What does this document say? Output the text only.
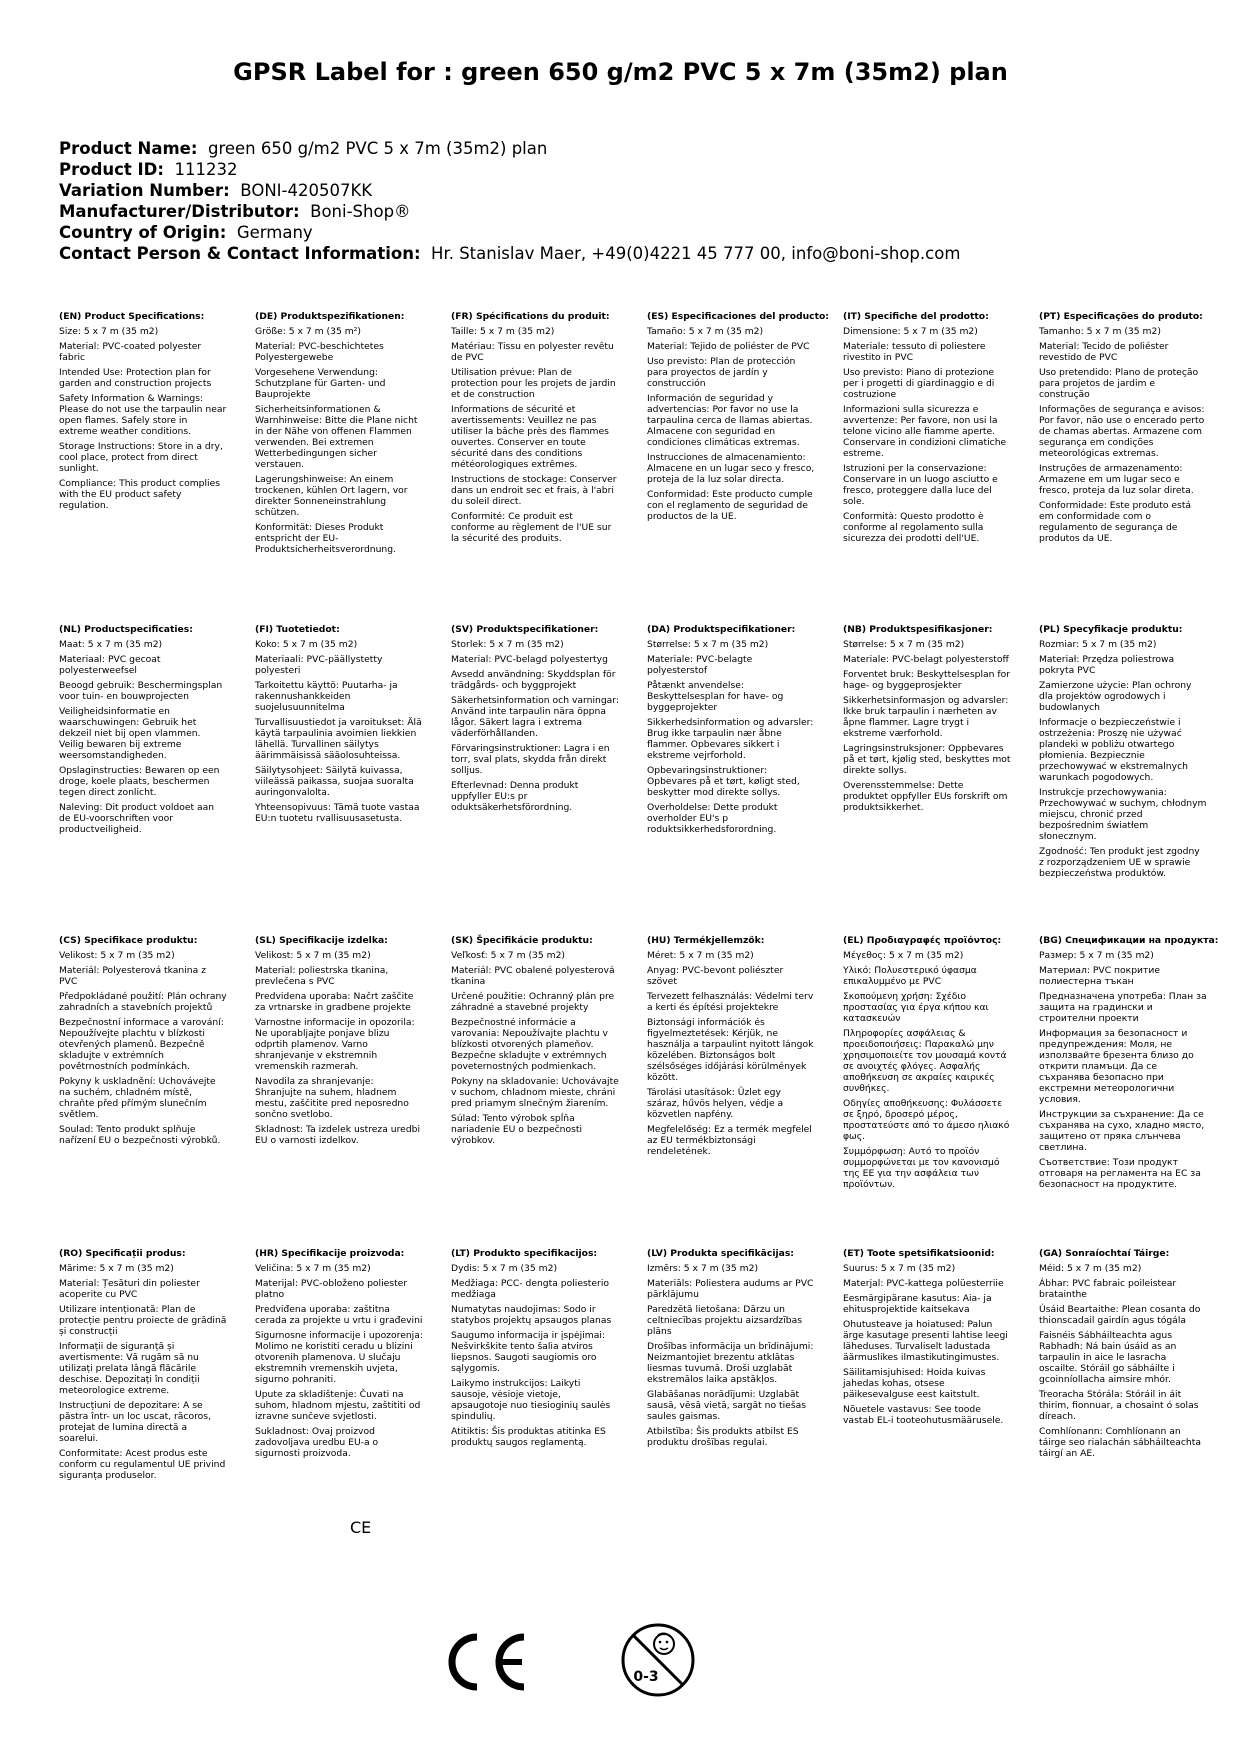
GPSR Label for : green 650 g/m2 PVC 5 x 7m (35m2) plan
Product Name: green 650 g/m2 PVC 5 x 7m (35m2) plan
Product ID: 111232
Variation Number: BONI-420507KK
Manufacturer/Distributor: Boni-Shop®
Country of Origin: Germany
Contact Person & Contact Information: Hr. Stanislav Maer, +49(0)4221 45 777 00, info@boni-shop.com
(EN) Product Specifications:
Size: 5 x 7 m (35 m2)
Material: PVC-coated polyester fabric
Intended Use: Protection plan for garden and construction projects
Safety Information & Warnings: Please do not use the tarpaulin near open flames. Safely store in extreme weather conditions.
Storage Instructions: Store in a dry, cool place, protect from direct sunlight.
Compliance: This product complies with the EU product safety regulation.
(DE) Produktspezifikationen:
Größe: 5 x 7 m (35 m²)
Material: PVC-beschichtetes Polyestergewebe
Vorgesehene Verwendung: Schutzplane für Garten- und Bauprojekte
Sicherheitsinformationen & Warnhinweise: Bitte die Plane nicht in der Nähe von offenen Flammen verwenden. Bei extremen Wetterbedingungen sicher verstauen.
Lagerungshinweise: An einem trockenen, kühlen Ort lagern, vor direkter Sonneneinstrahlung schützen.
Konformität: Dieses Produkt entspricht der EU-Produktsicherheitsverordnung.
(FR) Spécifications du produit:
Taille: 5 x 7 m (35 m2)
Matériau: Tissu en polyester revêtu de PVC
Utilisation prévue: Plan de protection pour les projets de jardin et de construction
Informations de sécurité et avertissements: Veuillez ne pas utiliser la bâche près des flammes ouvertes. Conserver en toute sécurité dans des conditions météorologiques extrêmes.
Instructions de stockage: Conserver dans un endroit sec et frais, à l'abri du soleil direct.
Conformité: Ce produit est conforme au règlement de l'UE sur la sécurité des produits.
(ES) Especificaciones del producto:
Tamaño: 5 x 7 m (35 m2)
Material: Tejido de poliéster de PVC
Uso previsto: Plan de protección para proyectos de jardín y construcción
Información de seguridad y advertencias: Por favor no use la tarpaulina cerca de llamas abiertas. Almacene con seguridad en condiciones climáticas extremas.
Instrucciones de almacenamiento: Almacene en un lugar seco y fresco, proteja de la luz solar directa.
Conformidad: Este producto cumple con el reglamento de seguridad de productos de la UE.
(IT) Specifiche del prodotto:
Dimensione: 5 x 7 m (35 m2)
Materiale: tessuto di poliestere rivestito in PVC
Uso previsto: Piano di protezione per i progetti di giardinaggio e di costruzione
Informazioni sulla sicurezza e avvertenze: Per favore, non usi la telone vicino alle fiamme aperte. Conservare in condizioni climatiche estreme.
Istruzioni per la conservazione: Conservare in un luogo asciutto e fresco, proteggere dalla luce del sole.
Conformità: Questo prodotto è conforme al regolamento sulla sicurezza dei prodotti dell'UE.
(PT) Especificações do produto:
Tamanho: 5 x 7 m (35 m2)
Material: Tecido de poliéster revestido de PVC
Uso pretendido: Plano de proteção para projetos de jardim e construção
Informações de segurança e avisos: Por favor, não use o encerado perto de chamas abertas. Armazene com segurança em condições meteorológicas extremas.
Instruções de armazenamento: Armazene em um lugar seco e fresco, proteja da luz solar direta.
Conformidade: Este produto está em conformidade com o regulamento de segurança de produtos da UE.
(NL) Productspecificaties:
Maat: 5 x 7 m (35 m2)
Materiaal: PVC gecoat polyesterweefsel
Beoogd gebruik: Beschermingsplan voor tuin- en bouwprojecten
Veiligheidsinformatie en waarschuwingen: Gebruik het dekzeil niet bij open vlammen. Veilig bewaren bij extreme weersomstandigheden.
Opslaginstructies: Bewaren op een droge, koele plaats, beschermen tegen direct zonlicht.
Naleving: Dit product voldoet aan de EU-voorschriften voor productveiligheid.
(FI) Tuotetiedot:
Koko: 5 x 7 m (35 m2)
Materiaali: PVC-päällystetty polyesteri
Tarkoitettu käyttö: Puutarha- ja rakennushankkeiden suojelusuunnitelma
Turvallisuustiedot ja varoitukset: Älä käytä tarpaulinia avoimien liekkien lähellä. Turvallinen säilytys äärimmäisissä sääolosuhteissa.
Säilytysohjeet: Säilytä kuivassa, viileässä paikassa, suojaa suoralta auringonvalolta.
Yhteensopivuus: Tämä tuote vastaa EU:n tuotetu rvallisuusasetusta.
(SV) Produktspecifikationer:
Storlek: 5 x 7 m (35 m2)
Material: PVC-belagd polyestertyg
Avsedd användning: Skyddsplan för trädgårds- och byggprojekt
Säkerhetsinformation och varningar: Använd inte tarpaulin nära öppna lågor. Säkert lagra i extrema väderförhållanden.
Förvaringsinstruktioner: Lagra i en torr, sval plats, skydda från direkt solljus.
Efterlevnad: Denna produkt uppfyller EU:s pr oduktsäkerhetsförordning.
(DA) Produktspecifikationer:
Størrelse: 5 x 7 m (35 m2)
Materiale: PVC-belagte polyesterstof
Påtænkt anvendelse: Beskyttelsesplan for have- og byggeprojekter
Sikkerhedsinformation og advarsler: Brug ikke tarpaulin nær åbne flammer. Opbevares sikkert i ekstreme vejrforhold.
Opbevaringsinstruktioner: Opbevares på et tørt, køligt sted, beskytter mod direkte sollys.
Overholdelse: Dette produkt overholder EU's p roduktsikkerhedsforordning.
(NB) Produktspesifikasjoner:
Størrelse: 5 x 7 m (35 m2)
Materiale: PVC-belagt polyesterstoff
Forventet bruk: Beskyttelsesplan for hage- og byggeprosjekter
Sikkerhetsinformasjon og advarsler: Ikke bruk tarpaulin i nærheten av åpne flammer. Lagre trygt i ekstreme værforhold.
Lagringsinstruksjoner: Oppbevares på et tørt, kjølig sted, beskyttes mot direkte sollys.
Overensstemmelse: Dette produktet oppfyller EUs forskrift om produktsikkerhet.
(PL) Specyfikacje produktu:
Rozmiar: 5 x 7 m (35 m2)
Materiał: Przędza poliestrowa pokryta PVC
Zamierzone użycie: Plan ochrony dla projektów ogrodowych i budowlanych
Informacje o bezpieczeństwie i ostrzeżenia: Proszę nie używać plandeki w pobliżu otwartego płomienia. Bezpiecznie przechowywać w ekstremalnych warunkach pogodowych.
Instrukcje przechowywania: Przechowywać w suchym, chłodnym miejscu, chronić przed bezpośrednim światłem słonecznym.
Zgodność: Ten produkt jest zgodny z rozporządzeniem UE w sprawie bezpieczeństwa produktów.
(CS) Specifikace produktu:
Velikost: 5 x 7 m (35 m2)
Materiál: Polyesterová tkanina z PVC
Předpokládané použití: Plán ochrany zahradních a stavebních projektů
Bezpečnostní informace a varování: Nepoužívejte plachtu v blízkosti otevřených plamenů. Bezpečně skladujte v extrémních povětrnostních podmínkách.
Pokyny k uskladnění: Uchovávejte na suchém, chladném místě, chraňte před přímým slunečním světlem.
Soulad: Tento produkt splňuje nařízení EU o bezpečnosti výrobků.
(SL) Specifikacije izdelka:
Velikost: 5 x 7 m (35 m2)
Material: poliestrska tkanina, prevlečena s PVC
Predvidena uporaba: Načrt zaščite za vrtnarske in gradbene projekte
Varnostne informacije in opozorila: Ne uporabljajte ponjave blizu odprtih plamenov. Varno shranjevanje v ekstremnih vremenskih razmerah.
Navodila za shranjevanje: Shranjujte na suhem, hladnem mestu, zaščitite pred neposredno sončno svetlobo.
Skladnost: Ta izdelek ustreza uredbi EU o varnosti izdelkov.
(SK) Špecifikácie produktu:
Veľkosť: 5 x 7 m (35 m2)
Materiál: PVC obalené polyesterová tkanina
Určené použitie: Ochranný plán pre záhradné a stavebné projekty
Bezpečnostné informácie a varovania: Nepoužívajte plachtu v blízkosti otvorených plameňov. Bezpečne skladujte v extrémnych poveternostných podmienkach.
Pokyny na skladovanie: Uchovávajte v suchom, chladnom mieste, chráni pred priamym slnečným žiarením.
Súlad: Tento výrobok spĺňa nariadenie EU o bezpečnosti výrobkov.
(HU) Termékjellemzők:
Méret: 5 x 7 m (35 m2)
Anyag: PVC-bevont poliészter szövet
Tervezett felhasználás: Védelmi terv a kerti és építési projektekre
Biztonsági információk és figyelmeztetések: Kérjük, ne használja a tarpaulint nyitott lángok közelében. Biztonságos bolt szélsőséges időjárási körülmények között.
Tárolási utasítások: Üzlet egy száraz, hűvös helyen, védje a közvetlen napfény.
Megfelelőség: Ez a termék megfelel az EU termékbiztonsági rendeletének.
(EL) Προδιαγραφές προϊόντος:
Μέγεθος: 5 x 7 m (35 m2)
Υλικό: Πολυεστερικό ύφασμα επικαλυμμένο με PVC
Σκοπούμενη χρήση: Σχέδιο προστασίας για έργα κήπου και κατασκευών
Πληροφορίες ασφάλειας & προειδοποιήσεις: Παρακαλώ μην χρησιμοποιείτε τον μουσαμά κοντά σε ανοιχτές φλόγες. Ασφαλής αποθήκευση σε ακραίες καιρικές συνθήκες.
Οδηγίες αποθήκευσης: Φυλάσσετε σε ξηρό, δροσερό μέρος, προστατεύστε από το άμεσο ηλιακό φως.
Συμμόρφωση: Αυτό το προϊόν συμμορφώνεται με τον κανονισμό της ΕΕ για την ασφάλεια των προϊόντων.
(BG) Спецификации на продукта:
Размер: 5 x 7 m (35 m2)
Материал: PVC покритие полиестерна тъкан
Предназначена употреба: План за защита на градински и строителни проекти
Информация за безопасност и предупреждения: Моля, не използвайте брезента близо до открити пламъци. Да се съхранява безопасно при екстремни метеорологични условия.
Инструкции за съхранение: Да се съхранява на сухо, хладно място, защитено от пряка слънчева светлина.
Съответствие: Този продукт отговаря на регламента на ЕС за безопасност на продуктите.
(RO) Specificații produs:
Mărime: 5 x 7 m (35 m2)
Material: Țesături din poliester acoperite cu PVC
Utilizare intenționată: Plan de protecție pentru proiecte de grădină și construcții
Informații de siguranță și avertismente: Vă rugăm să nu utilizați prelata lângă flăcările deschise. Depozitați în condiții meteorologice extreme.
Instrucțiuni de depozitare: A se păstra într- un loc uscat, răcoros, protejat de lumina directă a soarelui.
Conformitate: Acest produs este conform cu regulamentul UE privind siguranța produselor.
(HR) Specifikacije proizvoda:
Veličina: 5 x 7 m (35 m2)
Materijal: PVC-obloženo poliester platno
Predviđena uporaba: zaštitna cerada za projekte u vrtu i građevini
Sigurnosne informacije i upozorenja: Molimo ne koristiti ceradu u blizini otvorenih plamenova. U slučaju ekstremnih vremenskih uvjeta, sigurno pohraniti.
Upute za skladištenje: Čuvati na suhom, hladnom mjestu, zaštititi od izravne sunčeve svjetlosti.
Sukladnost: Ovaj proizvod zadovoljava uredbu EU-a o sigurnosti proizvoda.
(LT) Produkto specifikacijos:
Dydis: 5 x 7 m (35 m2)
Medžiaga: PCC- dengta poliesterio medžiaga
Numatytas naudojimas: Sodo ir statybos projektų apsaugos planas
Saugumo informacija ir įspėjimai: Nešvirkškite tento šalia atviros liepsnos. Saugoti saugiomis oro sąlygomis.
Laikymo instrukcijos: Laikyti sausoje, vėsioje vietoje, apsaugotoje nuo tiesioginių saulės spindulių.
Atitiktis: Šis produktas atitinka ES produktų saugos reglamentą.
(LV) Produkta specifikācijas:
Izmērs: 5 x 7 m (35 m2)
Materiāls: Poliestera audums ar PVC pārklājumu
Paredzētā lietošana: Dārzu un celtniecības projektu aizsardzības plāns
Drošības informācija un brīdinājumi: Neizmantojiet brezentu atklātas liesmas tuvumā. Droši uzglabāt ekstremālos laika apstākļos.
Glabāšanas norādījumi: Uzglabāt sausā, vēsā vietā, sargāt no tiešas saules gaismas.
Atbilstība: Šis produkts atbilst ES produktu drošības regulai.
(ET) Toote spetsifikatsioonid:
Suurus: 5 x 7 m (35 m2)
Materjal: PVC-kattega polüesterriie
Eesmärgipärane kasutus: Aia- ja ehitusprojektide kaitsekava
Ohutusteave ja hoiatused: Palun ärge kasutage presenti lahtise leegi läheduses. Turvaliselt ladustada äärmuslikes ilmastikutingimustes.
Säilitamisjuhised: Hoida kuivas jahedas kohas, otsese päikesevalguse eest kaitstult.
Nõuetele vastavus: See toode vastab EL-i tooteohutusmäärusele.
(GA) Sonraíochtaí Táirge:
Méid: 5 x 7 m (35 m2)
Ábhar: PVC fabraic poileistear bratainthe
Úsáid Beartaithe: Plean cosanta do thionscadail gairdín agus tógála
Faisnéis Sábháilteachta agus Rabhadh: Ná bain úsáid as an tarpaulin in aice le lasracha oscailte. Stóráil go sábháilte i gcoinníollacha aimsire mhór.
Treoracha Stórála: Stóráil in áit thirim, fionnuar, a chosaint ó solas díreach.
Comhlíonann: Comhlíonann an táirge seo rialachán sábháilteachta táirgí an AE.
CE
0-3
